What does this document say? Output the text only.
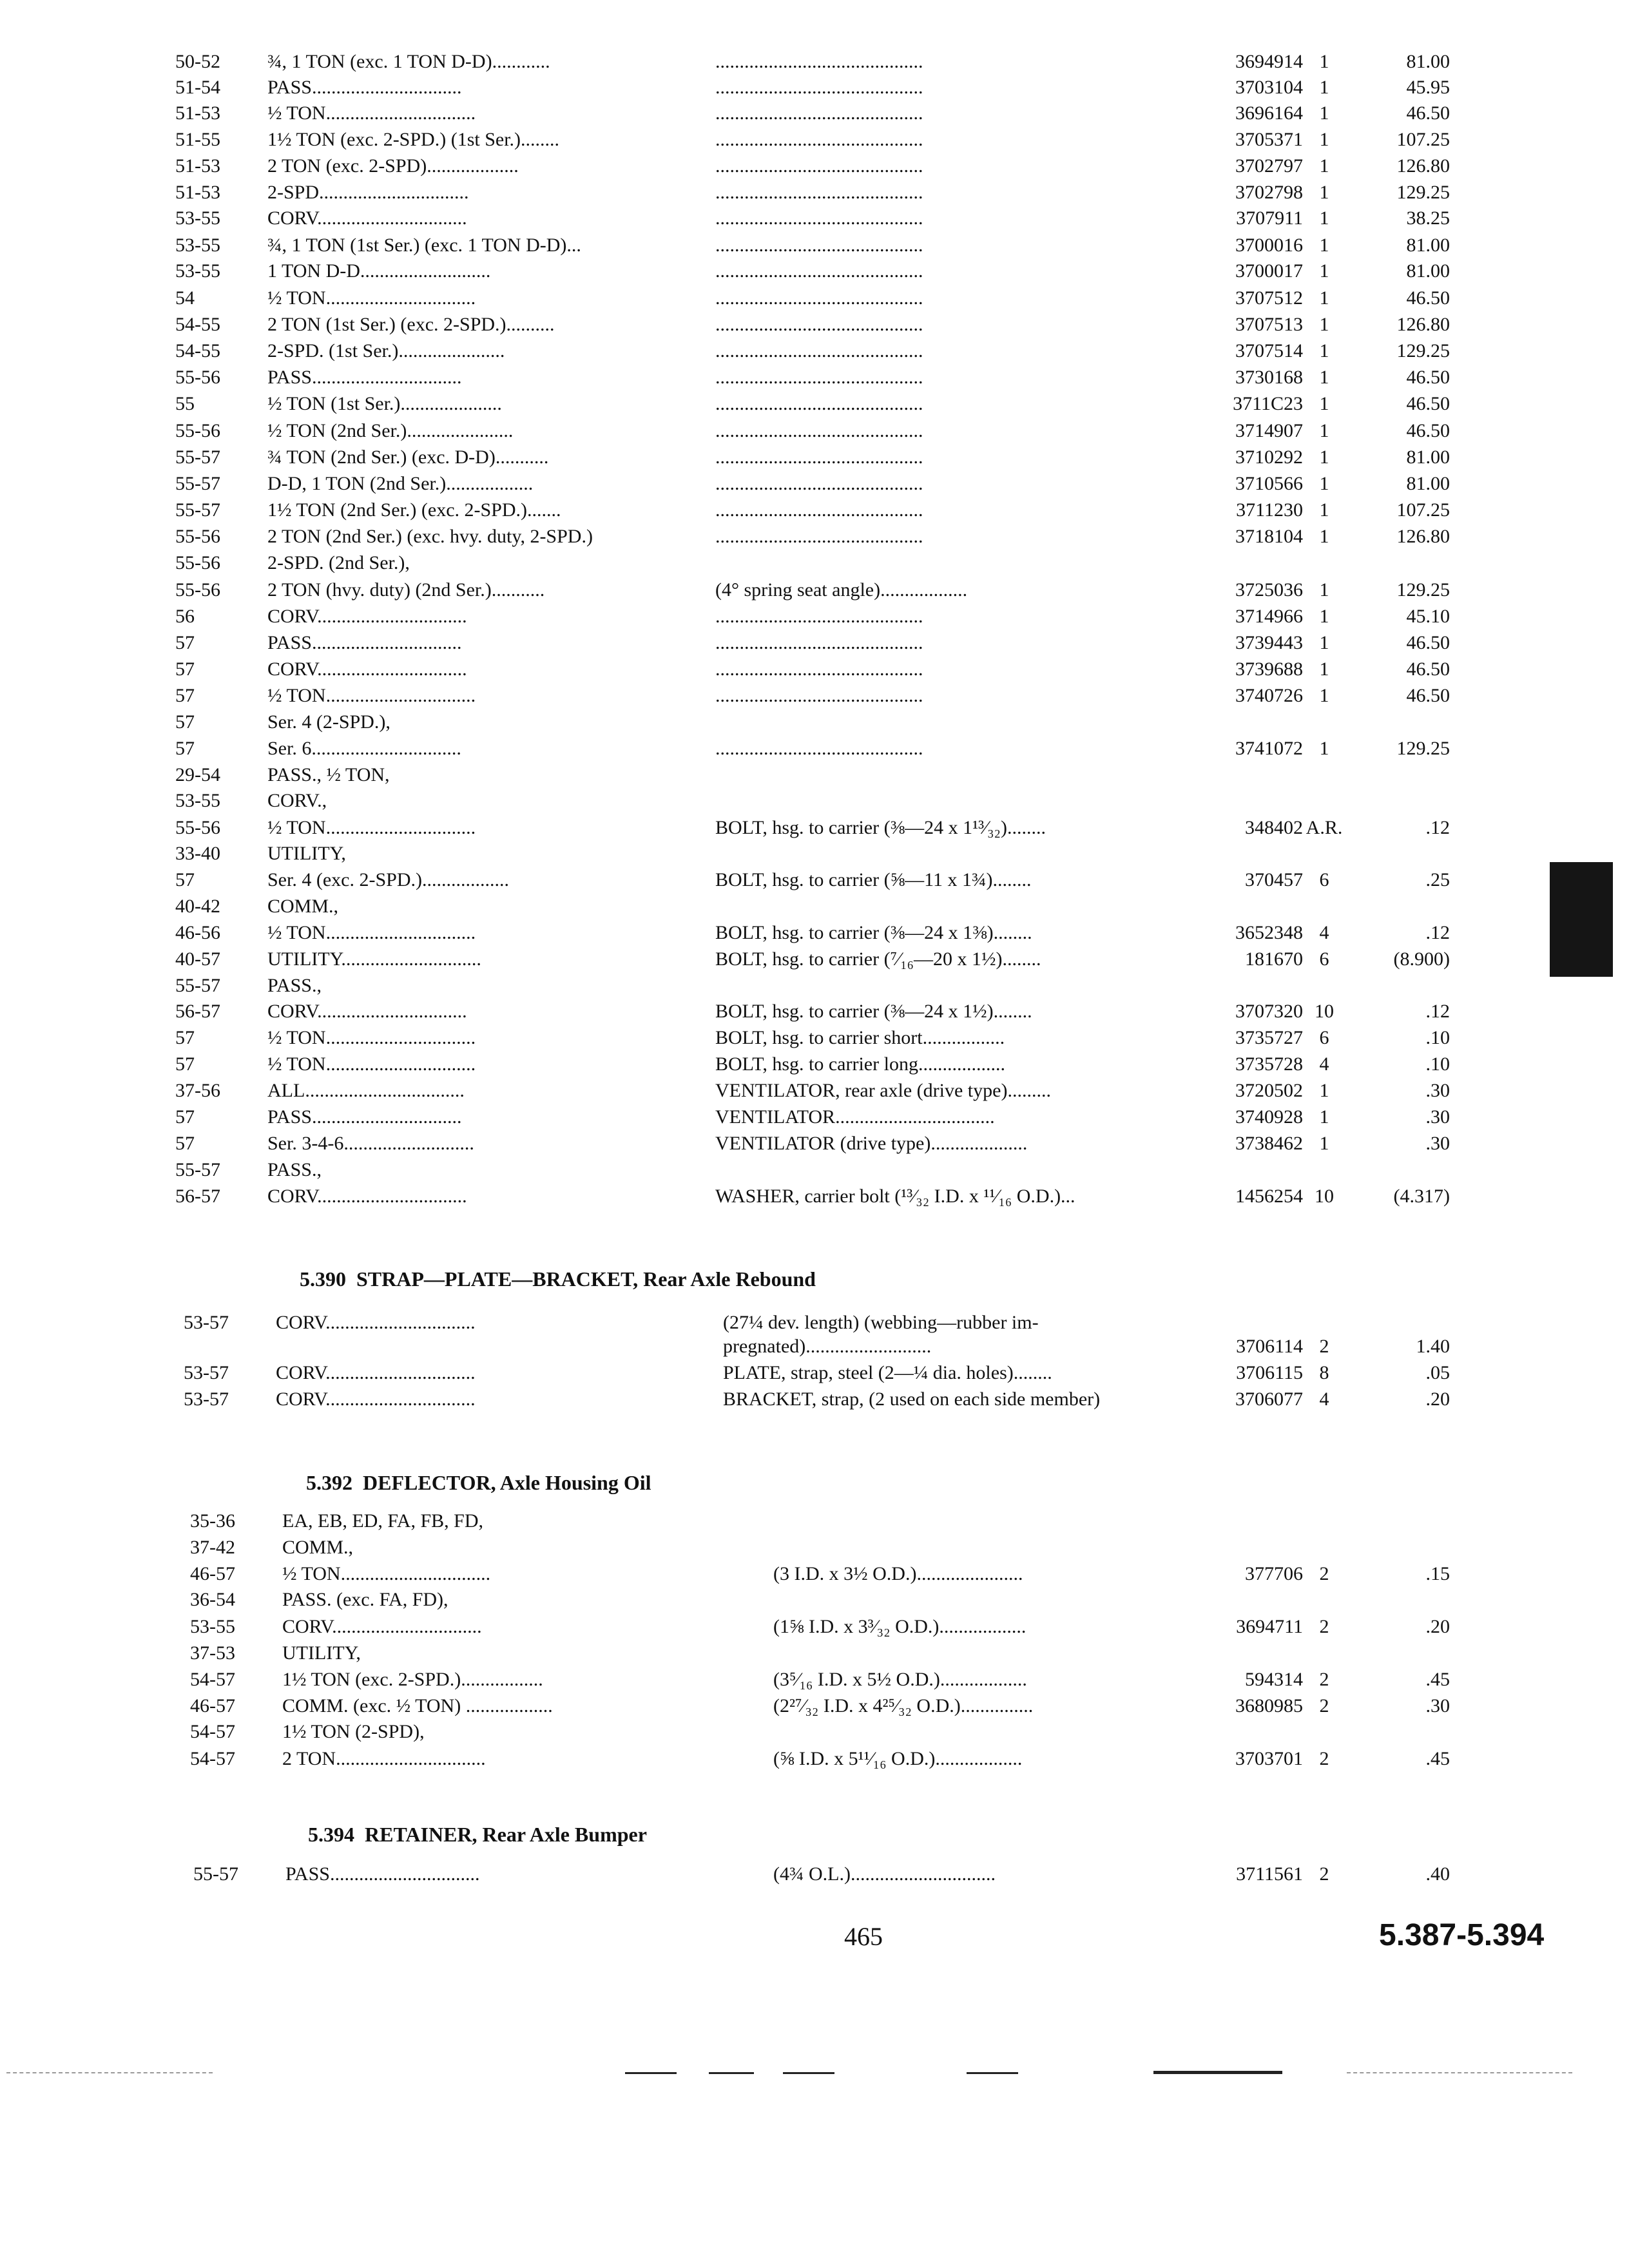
50-52	¾, 1 TON (exc. 1 TON D-D)............	...........................................	3694914 1	81.00
51-54	PASS...............................	...........................................	3703104 1	45.95
51-53	½ TON...............................	...........................................	3696164 1	46.50
51-55	1½ TON (exc. 2-SPD.) (1st Ser.)........	...........................................	3705371 1	107.25
51-53	2 TON (exc. 2-SPD)...................	...........................................	3702797 1	126.80
51-53	2-SPD...............................	...........................................	3702798 1	129.25
53-55	CORV...............................	...........................................	3707911 1	38.25
53-55	¾, 1 TON (1st Ser.) (exc. 1 TON D-D)...	...........................................	3700016 1	81.00
53-55	1 TON D-D...........................	...........................................	3700017 1	81.00
54	½ TON...............................	...........................................	3707512 1	46.50
54-55	2 TON (1st Ser.) (exc. 2-SPD.)..........	...........................................	3707513 1	126.80
54-55	2-SPD. (1st Ser.)......................	...........................................	3707514 1	129.25
55-56	PASS...............................	...........................................	3730168 1	46.50
55	½ TON (1st Ser.).....................	...........................................	3711C23 1	46.50
55-56	½ TON (2nd Ser.)......................	...........................................	3714907 1	46.50
55-57	¾ TON (2nd Ser.) (exc. D-D)...........	...........................................	3710292 1	81.00
55-57	D-D, 1 TON (2nd Ser.)..................	...........................................	3710566 1	81.00
55-57	1½ TON (2nd Ser.) (exc. 2-SPD.).......	...........................................	3711230 1	107.25
55-56	2 TON (2nd Ser.) (exc. hvy. duty, 2-SPD.)	...........................................	3718104 1	126.80
55-56	2-SPD. (2nd Ser.),
55-56	2 TON (hvy. duty) (2nd Ser.)...........	(4° spring seat angle)..................	3725036 1	129.25
56	CORV...............................	...........................................	3714966 1	45.10
57	PASS...............................	...........................................	3739443 1	46.50
57	CORV...............................	...........................................	3739688 1	46.50
57	½ TON...............................	...........................................	3740726 1	46.50
57	Ser. 4 (2-SPD.),
57	Ser. 6...............................	...........................................	3741072 1	129.25
29-54	PASS., ½ TON,
53-55	CORV.,
55-56	½ TON...............................	BOLT, hsg. to carrier (⅜—24 x 1¹³⁄₃₂)........	348402 A.R.	.12
33-40	UTILITY,
57	Ser. 4 (exc. 2-SPD.)..................	BOLT, hsg. to carrier (⅝—11 x 1¾)........	370457 6	.25
40-42	COMM.,
46-56	½ TON...............................	BOLT, hsg. to carrier (⅜—24 x 1⅜)........	3652348 4	.12
40-57	UTILITY.............................	BOLT, hsg. to carrier (⁷⁄₁₆—20 x 1½)........	181670 6	(8.900)
55-57	PASS.,
56-57	CORV...............................	BOLT, hsg. to carrier (⅜—24 x 1½)........	3707320 10	.12
57	½ TON...............................	BOLT, hsg. to carrier short.................	3735727 6	.10
57	½ TON...............................	BOLT, hsg. to carrier long..................	3735728 4	.10
37-56	ALL.................................	VENTILATOR, rear axle (drive type).........	3720502 1	.30
57	PASS...............................	VENTILATOR.................................	3740928 1	.30
57	Ser. 3-4-6...........................	VENTILATOR (drive type)....................	3738462 1	.30
55-57	PASS.,
56-57	CORV...............................	WASHER, carrier bolt (¹³⁄₃₂ I.D. x ¹¹⁄₁₆ O.D.)...	1456254 10	(4.317)
5.390 STRAP—PLATE—BRACKET, Rear Axle Rebound
53-57	CORV...............................	(27¼ dev. length) (webbing—rubber im-
pregnated)..........................	3706114 2	1.40
53-57	CORV...............................	PLATE, strap, steel (2—¼ dia. holes)........	3706115 8	.05
53-57	CORV...............................	BRACKET, strap, (2 used on each side member)	3706077 4	.20
5.392 DEFLECTOR, Axle Housing Oil
35-36	EA, EB, ED, FA, FB, FD,
37-42	COMM.,
46-57	½ TON...............................	(3 I.D. x 3½ O.D.)......................	377706 2	.15
36-54	PASS. (exc. FA, FD),
53-55	CORV...............................	(1⅝ I.D. x 3³⁄₃₂ O.D.)..................	3694711 2	.20
37-53	UTILITY,
54-57	1½ TON (exc. 2-SPD.).................	(3⁵⁄₁₆ I.D. x 5½ O.D.)..................	594314 2	.45
46-57	COMM. (exc. ½ TON) ..................	(2²⁷⁄₃₂ I.D. x 4²⁵⁄₃₂ O.D.)...............	3680985 2	.30
54-57	1½ TON (2-SPD),
54-57	2 TON...............................	(⅝ I.D. x 5¹¹⁄₁₆ O.D.)..................	3703701 2	.45
5.394 RETAINER, Rear Axle Bumper
55-57	PASS...............................	(4¾ O.L.)..............................	3711561 2	.40
465	5.387-5.394
